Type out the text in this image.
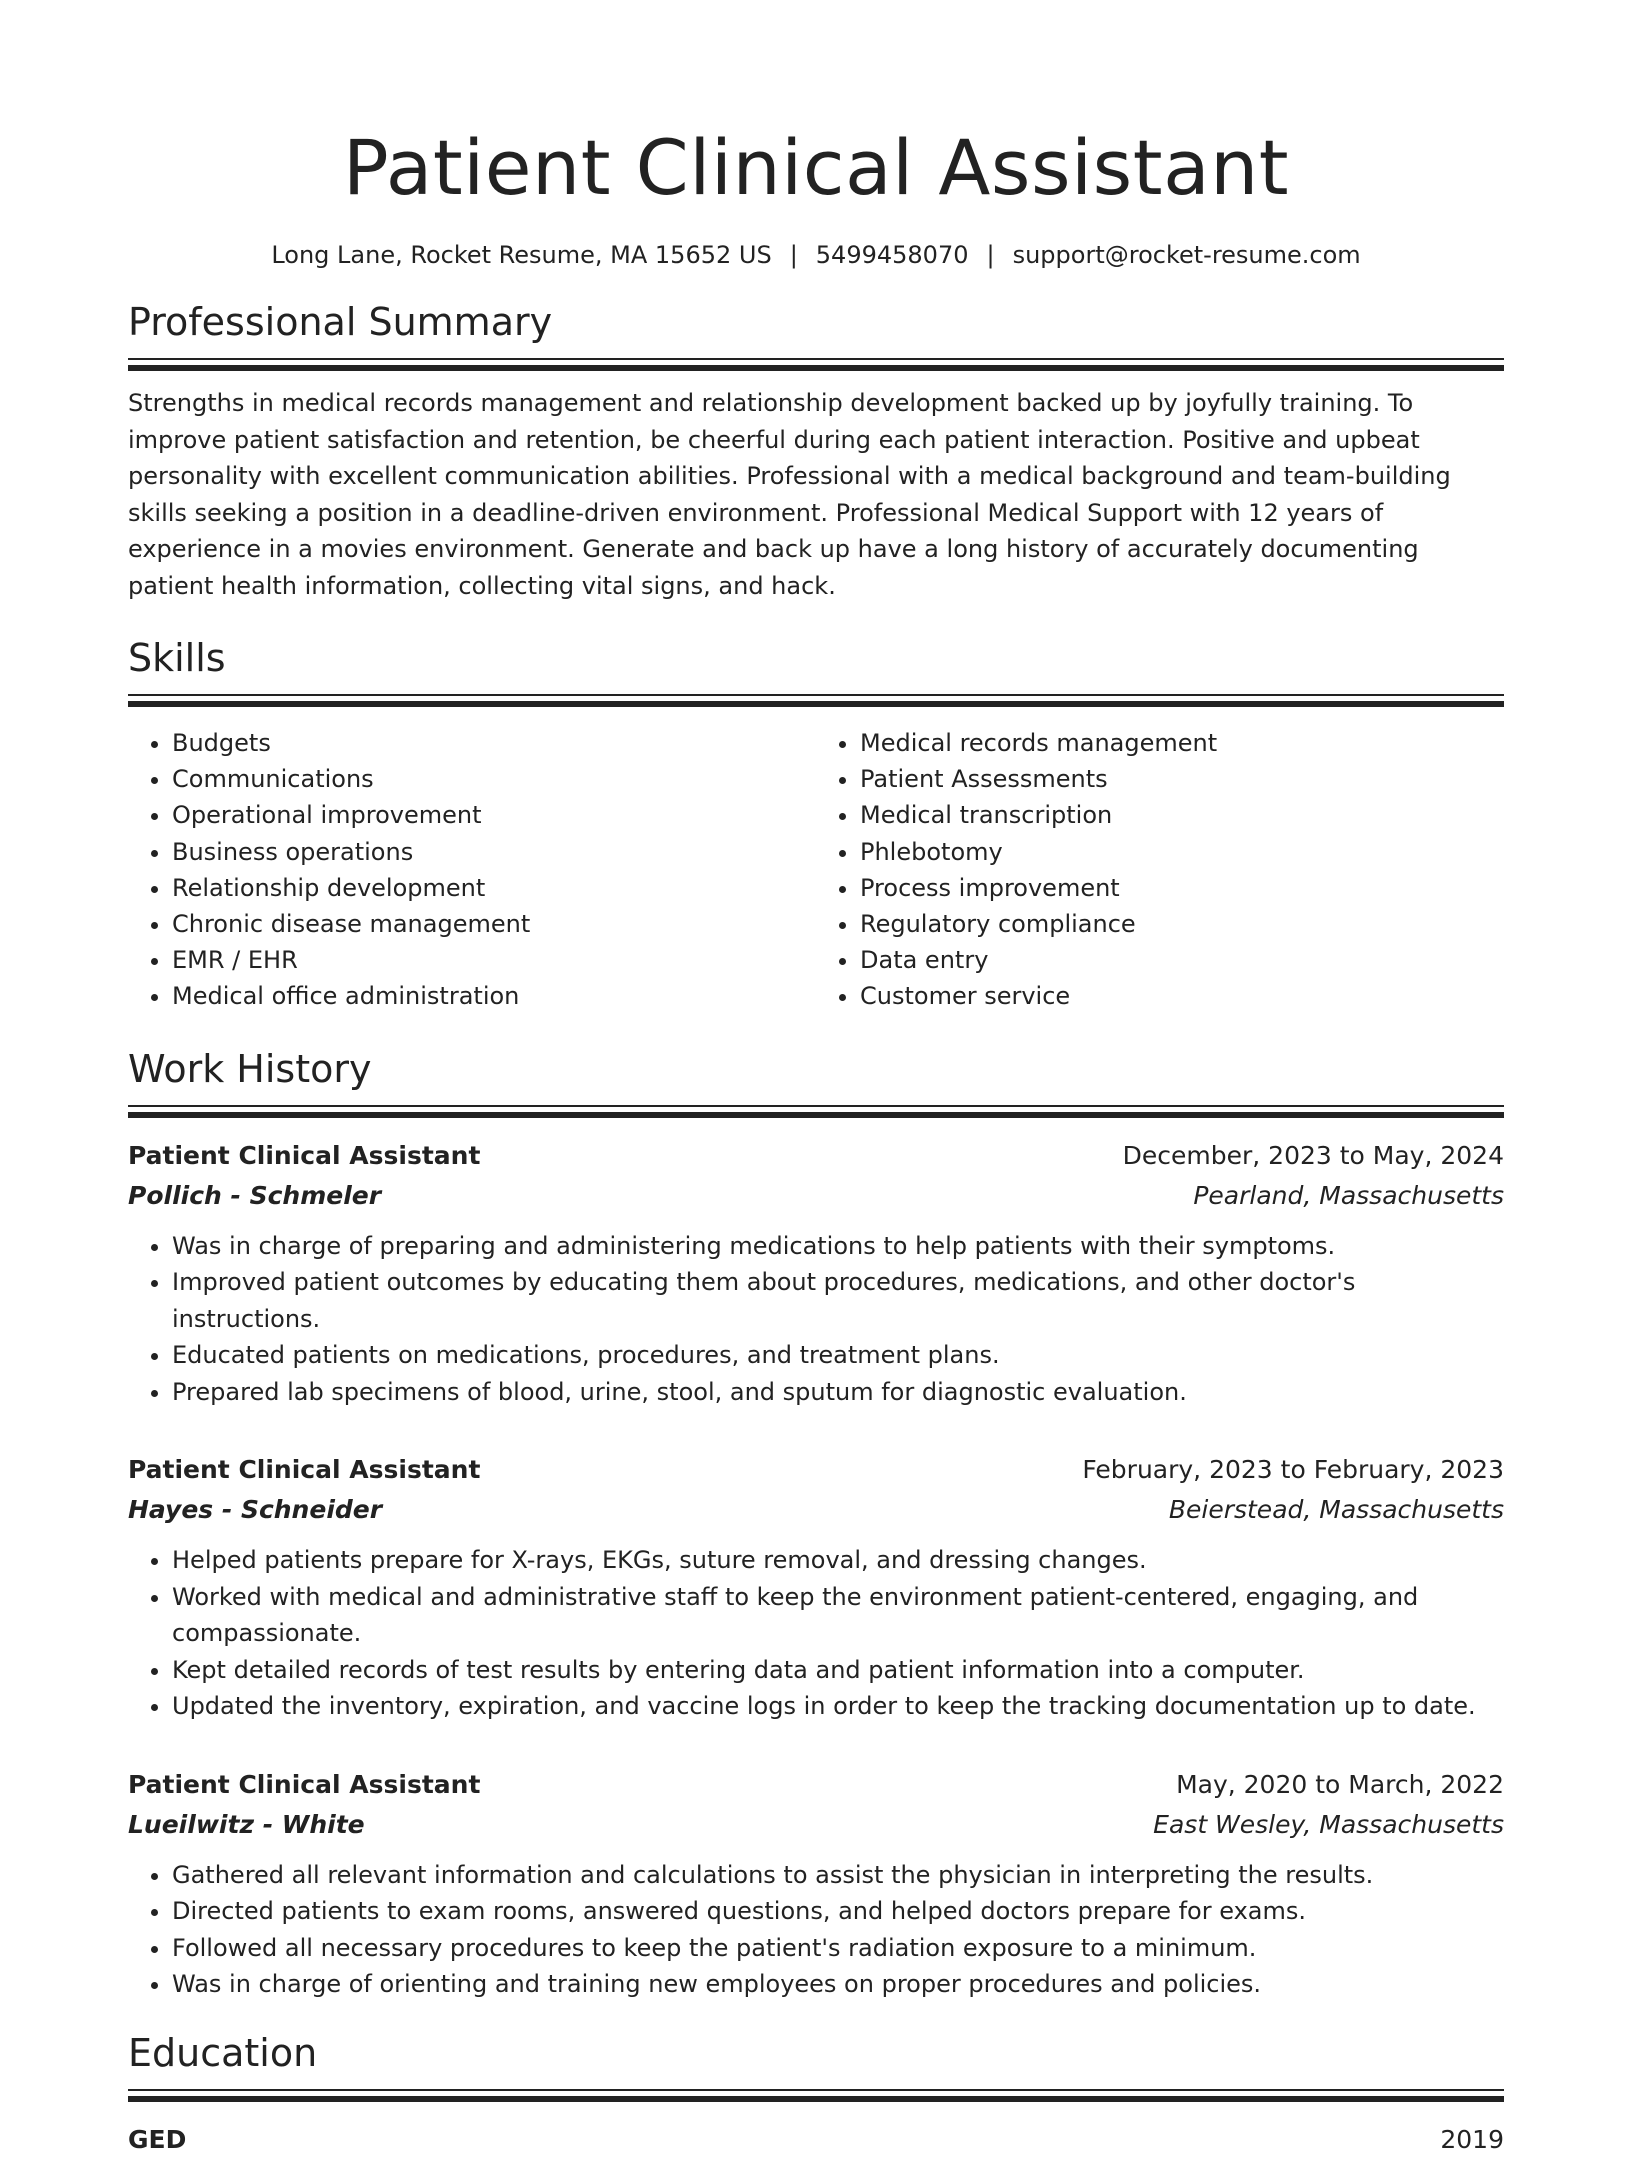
Patient Clinical Assistant
Long Lane, Rocket Resume, MA 15652 US | 5499458070 | support@rocket-resume.com
Professional Summary

Strengths in medical records management and relationship development backed up by joyfully training. To improve patient satisfaction and retention, be cheerful during each patient interaction. Positive and upbeat personality with excellent communication abilities. Professional with a medical background and team-building skills seeking a position in a deadline-driven environment. Professional Medical Support with 12 years of experience in a movies environment. Generate and back up have a long history of accurately documenting patient health information, collecting vital signs, and hack.

Skills
• Budgets
• Communications
• Operational improvement
• Business operations
• Relationship development
• Chronic disease management
• EMR / EHR
• Medical office administration
• Medical records management
• Patient Assessments
• Medical transcription
• Phlebotomy
• Process improvement
• Regulatory compliance
• Data entry
• Customer service
Work History
Patient Clinical Assistant	December, 2023 to May, 2024
Pollich - Schmeler	Pearland, Massachusetts
• Was in charge of preparing and administering medications to help patients with their symptoms.
• Improved patient outcomes by educating them about procedures, medications, and other doctor's instructions.
• Educated patients on medications, procedures, and treatment plans.
• Prepared lab specimens of blood, urine, stool, and sputum for diagnostic evaluation.
Patient Clinical Assistant	February, 2023 to February, 2023
Hayes - Schneider	Beierstead, Massachusetts
• Helped patients prepare for X-rays, EKGs, suture removal, and dressing changes.
• Worked with medical and administrative staff to keep the environment patient-centered, engaging, and compassionate.
• Kept detailed records of test results by entering data and patient information into a computer.
• Updated the inventory, expiration, and vaccine logs in order to keep the tracking documentation up to date.
Patient Clinical Assistant	May, 2020 to March, 2022
Lueilwitz - White	East Wesley, Massachusetts
• Gathered all relevant information and calculations to assist the physician in interpreting the results.
• Directed patients to exam rooms, answered questions, and helped doctors prepare for exams.
• Followed all necessary procedures to keep the patient's radiation exposure to a minimum.
• Was in charge of orienting and training new employees on proper procedures and policies.
Education
GED	2019
